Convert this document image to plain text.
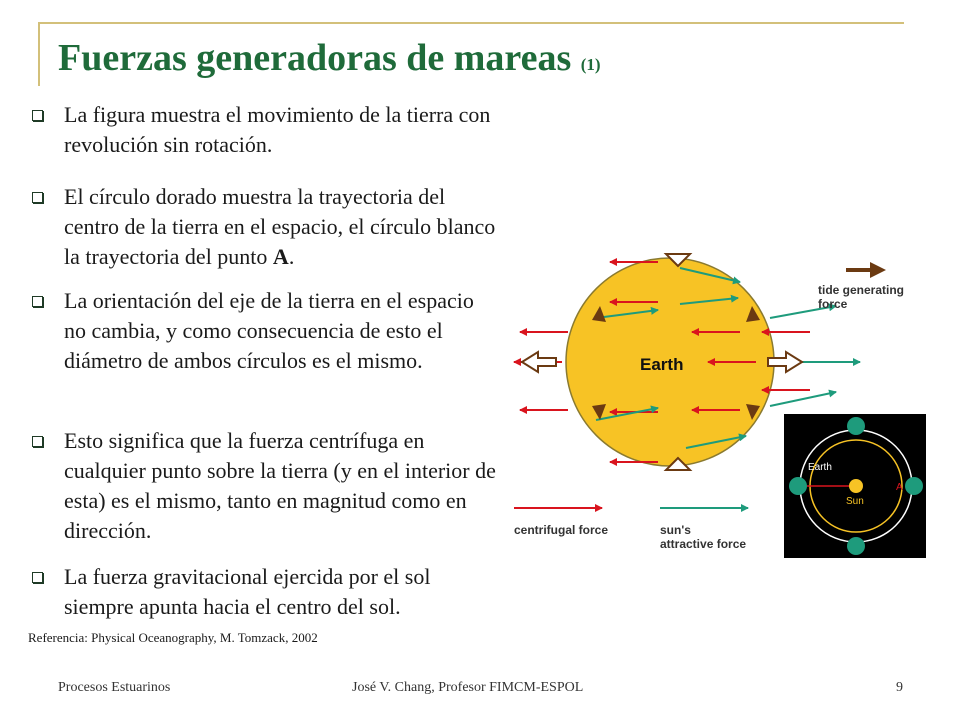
Fuerzas generadoras de mareas (1)
La figura muestra el movimiento de la tierra con revolución sin rotación.
El círculo dorado muestra la trayectoria del centro de la tierra en el espacio, el círculo blanco la trayectoria del punto A.
La orientación del eje de la tierra en el espacio no cambia, y como consecuencia de esto el diámetro de ambos círculos es el mismo.
Esto significa que la fuerza centrífuga en cualquier punto sobre la tierra (y en el interior de esta) es el mismo, tanto en magnitud como en dirección.
La fuerza gravitacional ejercida por el sol siempre apunta hacia el centro del sol.
Referencia: Physical Oceanography, M. Tomzack, 2002
Procesos Estuarinos	José V. Chang, Profesor FIMCM-ESPOL	9
Earth
tide generating
force
centrifugal force	sun's
attractive force
Earth
Sun
A
